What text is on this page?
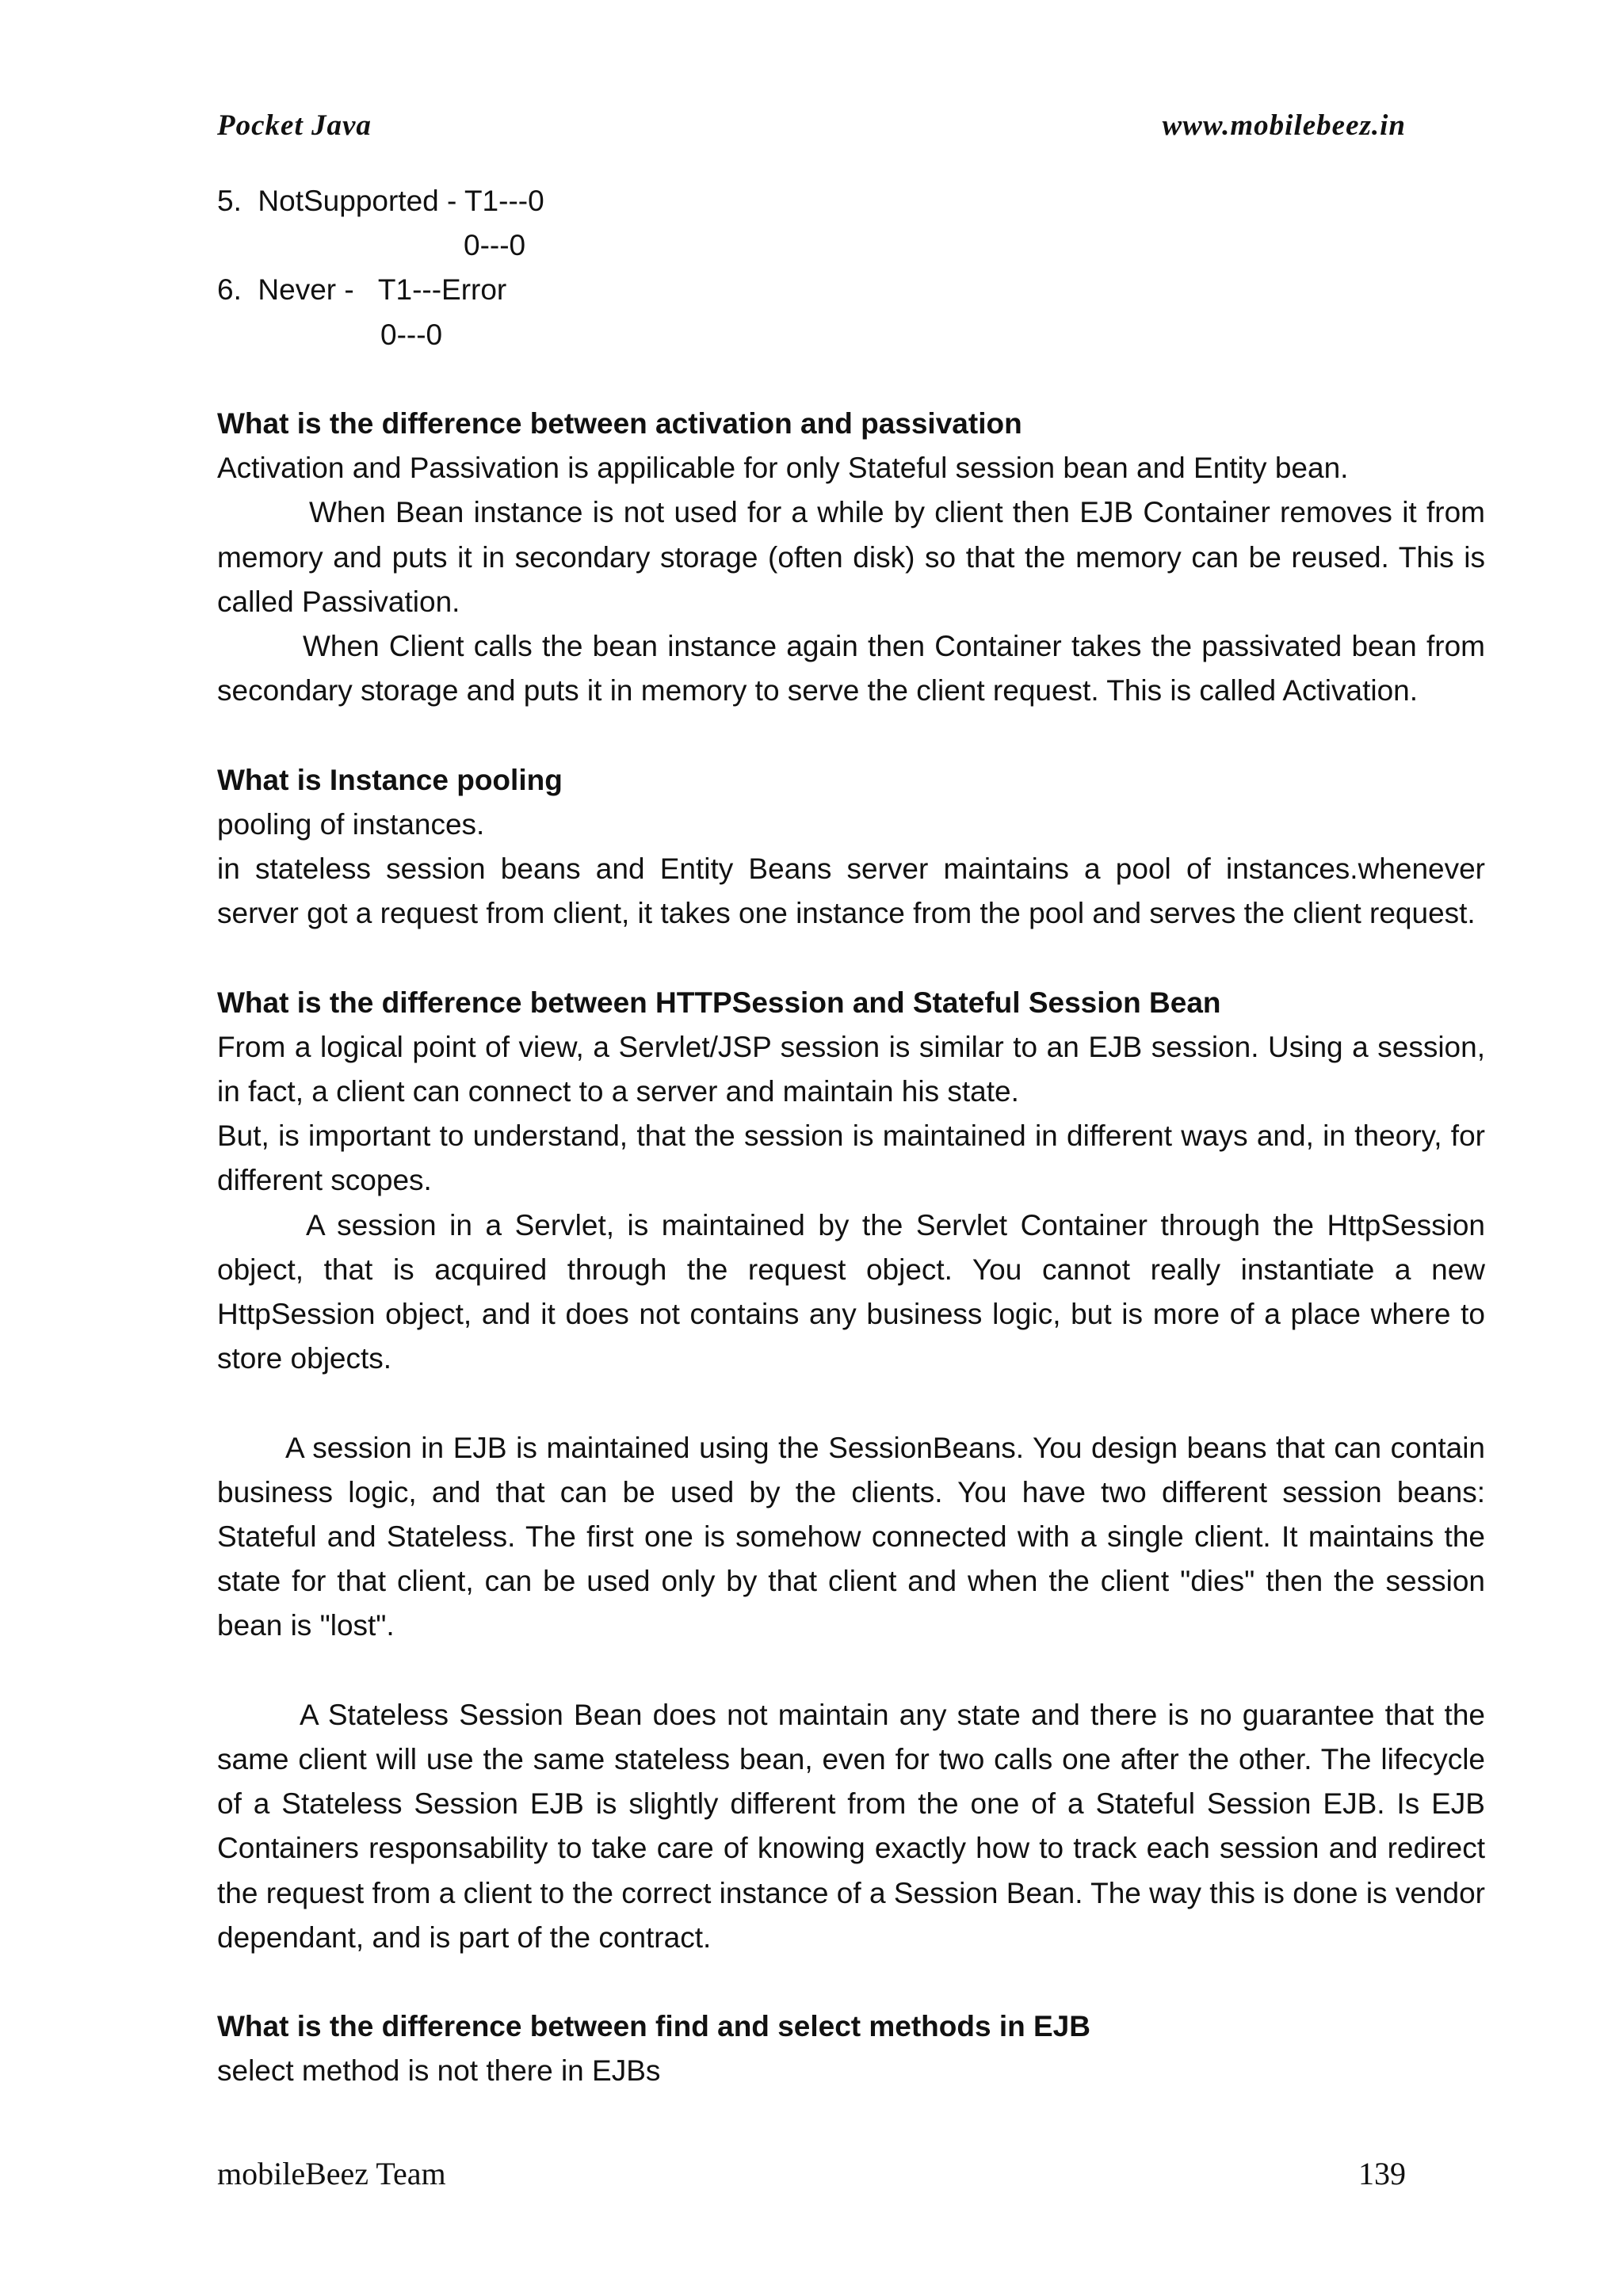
Pocket Java	www.mobilebeez.in

5.  NotSupported - T1---0

0---0

6.  Never -   T1---Error

0---0

What is the difference between activation and passivation

Activation and Passivation is appilicable for only Stateful session bean and Entity bean.

When Bean instance is not used for a while by client then EJB Container removes it from memory and puts it in secondary storage (often disk) so that the memory can be reused. This is called Passivation.

When Client calls the bean instance again then Container takes the passivated bean from secondary storage and puts it in memory to serve the client request. This is called Activation.

What is Instance pooling

pooling of instances.

in stateless session beans and Entity Beans server maintains a pool of instances.whenever server got a request from client, it takes one instance from the pool and serves the client request.

What is the difference between HTTPSession and Stateful Session Bean

From a logical point of view, a Servlet/JSP session is similar to an EJB session. Using a session, in fact, a client can connect to a server and maintain his state.

But, is important to understand, that the session is maintained in different ways and, in theory, for different scopes.

A session in a Servlet, is maintained by the Servlet Container through the HttpSession object, that is acquired through the request object. You cannot really instantiate a new HttpSession object, and it does not contains any business logic, but is more of a place where to store objects.

A session in EJB is maintained using the SessionBeans. You design beans that can contain business logic, and that can be used by the clients. You have two different session beans: Stateful and Stateless. The first one is somehow connected with a single client. It maintains the state for that client, can be used only by that client and when the client "dies" then the session bean is "lost".

A Stateless Session Bean does not maintain any state and there is no guarantee that the same client will use the same stateless bean, even for two calls one after the other. The lifecycle of a Stateless Session EJB is slightly different from the one of a Stateful Session EJB. Is EJB Containers responsability to take care of knowing exactly how to track each session and redirect the request from a client to the correct instance of a Session Bean. The way this is done is vendor dependant, and is part of the contract.

What is the difference between find and select methods in EJB

select method is not there in EJBs

mobileBeez Team	139
